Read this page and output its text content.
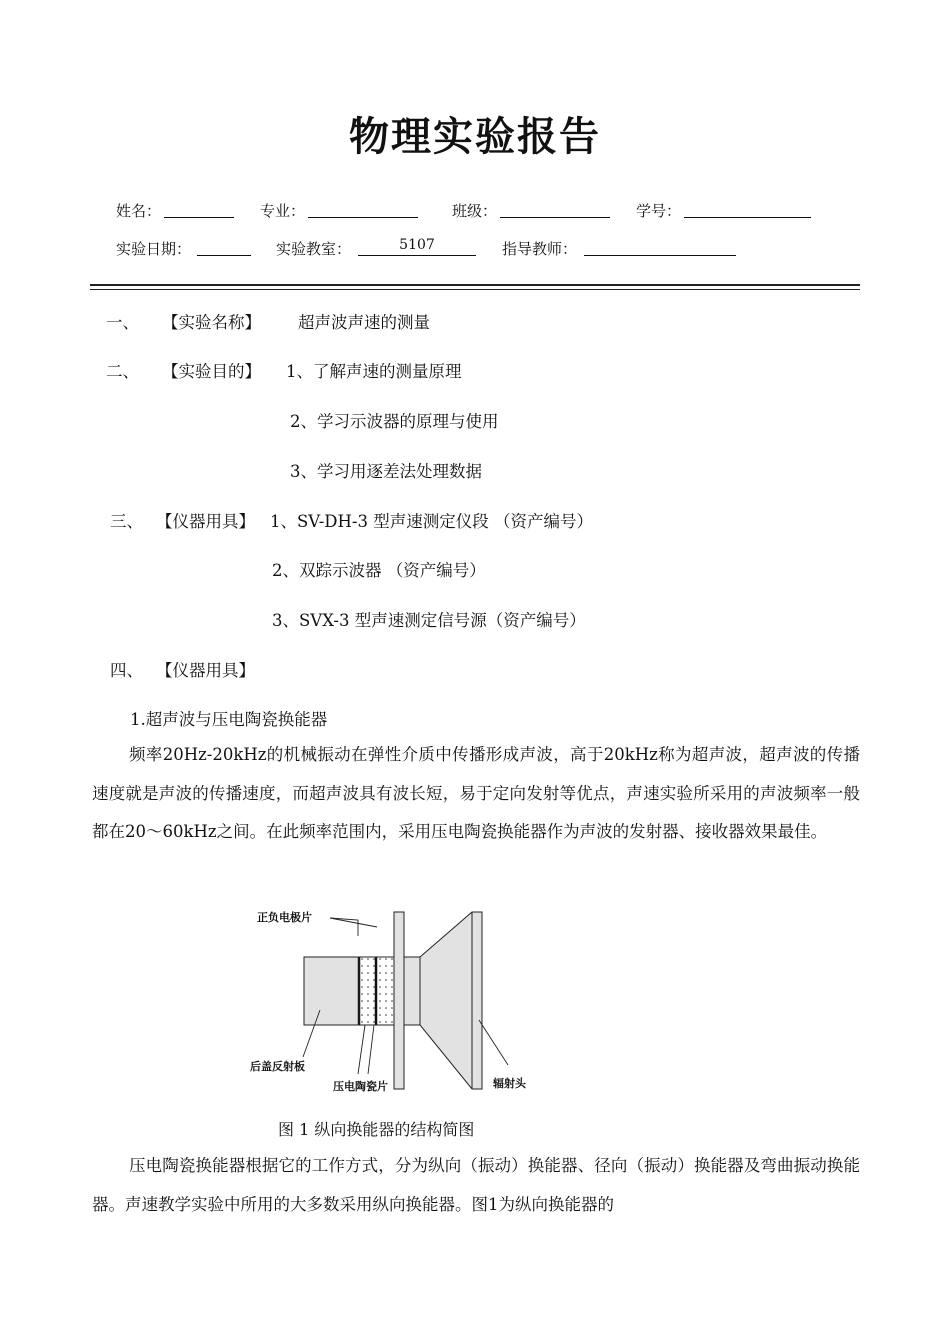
物理实验报告
姓名：	专业：	班级：	学号：
实验日期：	实验教室：	5107	指导教师：
一、 【实验名称】 超声波声速的测量
二、 【实验目的】 1、了解声速的测量原理
2、学习示波器的原理与使用
3、学习用逐差法处理数据
三、 【仪器用具】 1、SV-DH-3 型声速测定仪段 （资产编号）
2、双踪示波器 （资产编号）
3、SVX-3 型声速测定信号源（资产编号）
四、 【仪器用具】
1.超声波与压电陶瓷换能器
频率20Hz-20kHz的机械振动在弹性介质中传播形成声波，高于20kHz称为超声波，超声波的传播速度就是声波的传播速度，而超声波具有波长短，易于定向发射等优点，声速实验所采用的声波频率一般都在20～60kHz之间。在此频率范围内，采用压电陶瓷换能器作为声波的发射器、接收器效果最佳。
正负电极片
后盖反射板
压电陶瓷片	辐射头
图 1 纵向换能器的结构简图
压电陶瓷换能器根据它的工作方式，分为纵向（振动）换能器、径向（振动）换能器及弯曲振动换能器。声速教学实验中所用的大多数采用纵向换能器。图1为纵向换能器的
